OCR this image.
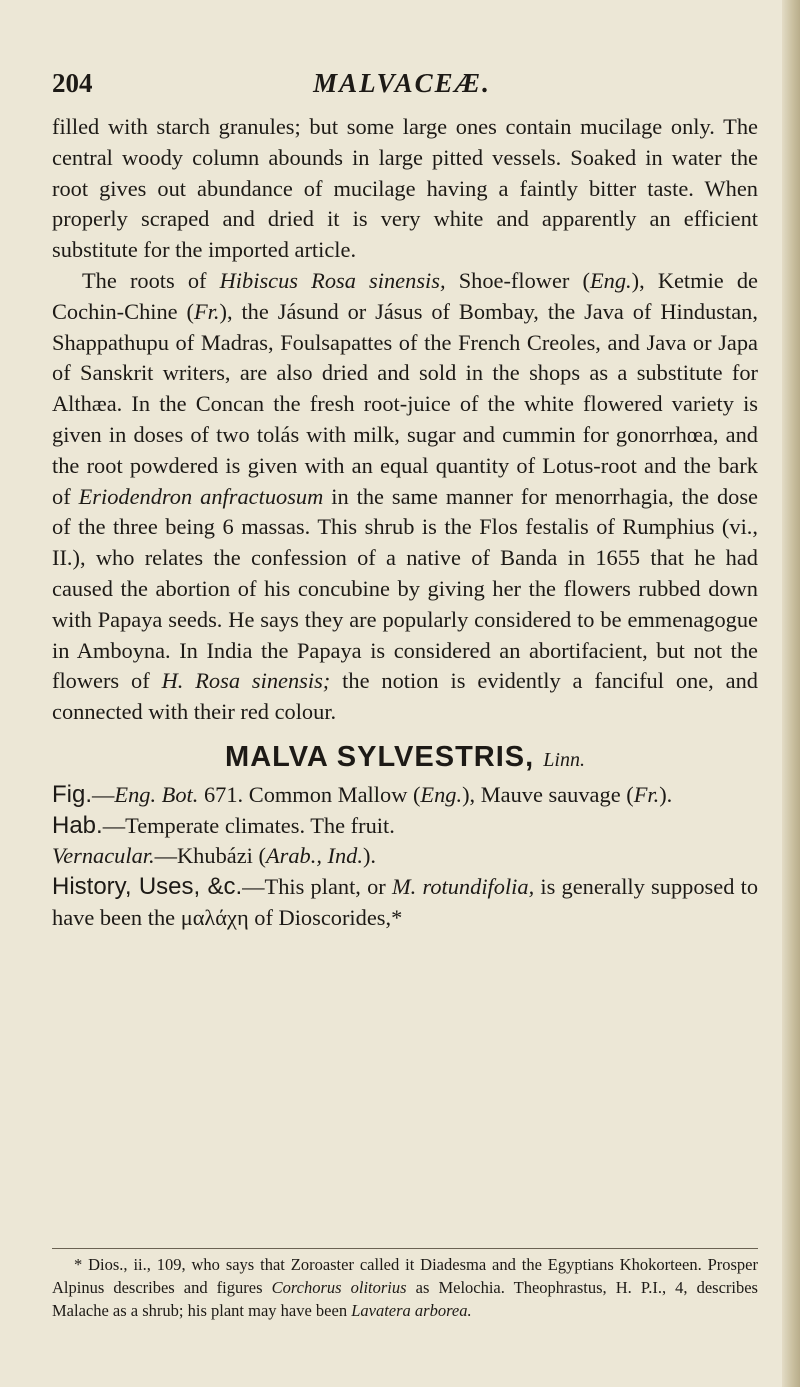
204	MALVACEÆ.

filled with starch granules; but some large ones contain mucilage only. The central woody column abounds in large pitted vessels. Soaked in water the root gives out abundance of mucilage having a faintly bitter taste. When properly scraped and dried it is very white and apparently an efficient substitute for the imported article.

The roots of Hibiscus Rosa sinensis, Shoe-flower (Eng.), Ketmie de Cochin-Chine (Fr.), the Jásund or Jásus of Bombay, the Java of Hindustan, Shappathupu of Madras, Foulsapattes of the French Creoles, and Java or Japa of Sanskrit writers, are also dried and sold in the shops as a substitute for Althæa. In the Concan the fresh root-juice of the white flowered variety is given in doses of two tolás with milk, sugar and cummin for gonorrhœa, and the root powdered is given with an equal quantity of Lotus-root and the bark of Eriodendron anfractuosum in the same manner for menorrhagia, the dose of the three being 6 massas. This shrub is the Flos festalis of Rumphius (vi., II.), who relates the confession of a native of Banda in 1655 that he had caused the abortion of his concubine by giving her the flowers rubbed down with Papaya seeds. He says they are popularly considered to be emmenagogue in Amboyna. In India the Papaya is considered an abortifacient, but not the flowers of H. Rosa sinensis; the notion is evidently a fanciful one, and connected with their red colour.

MALVA SYLVESTRIS, Linn.

Fig.—Eng. Bot. 671. Common Mallow (Eng.), Mauve sauvage (Fr.).

Hab.—Temperate climates. The fruit.

Vernacular.—Khubázi (Arab., Ind.).

History, Uses, &c.—This plant, or M. rotundifolia, is generally supposed to have been the μαλάχη of Dioscorides,*

* Dios., ii., 109, who says that Zoroaster called it Diadesma and the Egyptians Khokorteen. Prosper Alpinus describes and figures Corchorus olitorius as Melochia. Theophrastus, H. P.I., 4, describes Malache as a shrub; his plant may have been Lavatera arborea.
